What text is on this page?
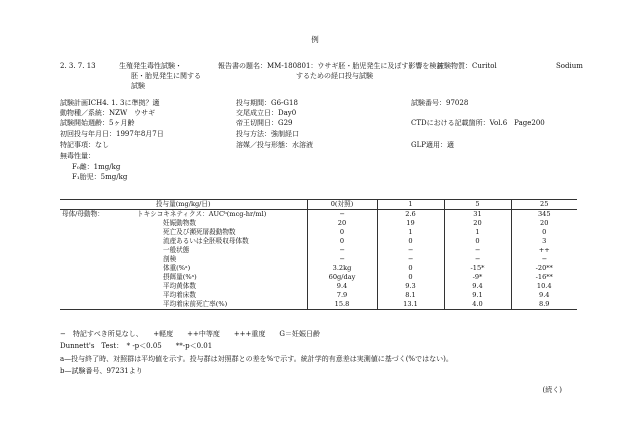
例
2. 3. 7. 13	生殖発生毒性試験・
胚・胎児発生に関する
試験
報告書の題名：MM-180801：ウサギ胚・胎児発生に及ぼす影響を検討
するための経口投与試験
被験物質：Curitol	Sodium
試験計画ICH4. 1. 3に準拠？適
動物種／系統：NZW　ウサギ
試験開始週齢：5ヶ月齢
初回投与年月日：1997年8月7日
特記事項：なし
無毒性量：
F₀雌：1mg/kg
F₁胎児：5mg/kg
投与期間：G6-G18
交尾成立日：Day0
帝王切開日：G29
投与方法：強制経口
溶媒／投与形態：水溶液
試験番号：97028
CTDにおける記載箇所：Vol.6　Page200
GLP適用：適
投与量(mg/kg/日)		0(対照)	1	5	25
母体/母動物：	トキシコキネティクス：AUCᵇ(mcg-hr/ml)	−	2.6	31	345
	妊娠動物数	20	19	20	20
	死亡及び瀕死屠殺動物数	0	1	1	0
	流産あるいは全胚吸収母体数	0	0	0	3
	一般状態	−	−	−	++
	剖検	−	−	−	−
	体重(%ᵃ)	3.2kg	0	-15*	-20**
	摂餌量(%ᵃ)	60g/day	0	-9*	-16**
	平均黄体数	9.4	9.3	9.4	10.4
	平均着床数	7.9	8.1	9.1	9.4
	平均着床前死亡率(%)	15.8	13.1	4.0	8.9
−　特記すべき所見なし、　　+軽度　　++中等度　　+++重度　　G＝妊娠日齢
Dunnett's　Test：　* -p＜0.05　　**-p＜0.01
a—投与終了時、対照群は平均値を示す。投与群は対照群との差を%で示す。統計学的有意差は実測値に基づく(%ではない)。
b—試験番号、97231より
(続く)
